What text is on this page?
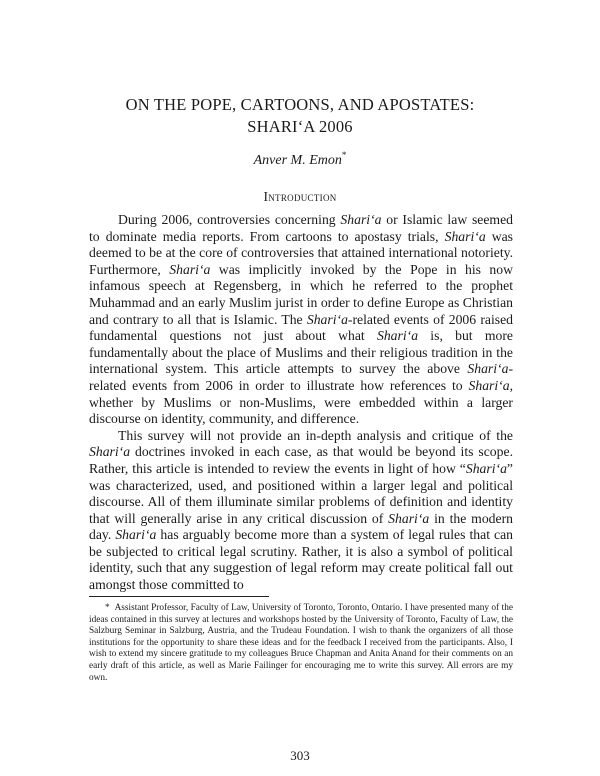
ON THE POPE, CARTOONS, AND APOSTATES:
SHARI‘A 2006
Anver M. Emon*
Introduction

During 2006, controversies concerning Shari‘a or Islamic law seemed to dominate media reports. From cartoons to apostasy trials, Shari‘a was deemed to be at the core of controversies that attained international notoriety. Furthermore, Shari‘a was implicitly invoked by the Pope in his now infamous speech at Regensberg, in which he referred to the prophet Muhammad and an early Muslim jurist in order to define Europe as Christian and contrary to all that is Islamic. The Shari‘a-related events of 2006 raised fundamental questions not just about what Shari‘a is, but more fundamentally about the place of Muslims and their religious tradition in the international system. This article attempts to survey the above Shari‘a-related events from 2006 in order to illustrate how references to Shari‘a, whether by Muslims or non-Muslims, were embedded within a larger discourse on identity, community, and difference.

This survey will not provide an in-depth analysis and critique of the Shari‘a doctrines invoked in each case, as that would be beyond its scope. Rather, this article is intended to review the events in light of how “Shari‘a” was characterized, used, and positioned within a larger legal and political discourse. All of them illuminate similar problems of definition and identity that will generally arise in any critical discussion of Shari‘a in the modern day. Shari‘a has arguably become more than a system of legal rules that can be subjected to critical legal scrutiny. Rather, it is also a symbol of political identity, such that any suggestion of legal reform may create political fall out amongst those committed to

* Assistant Professor, Faculty of Law, University of Toronto, Toronto, Ontario. I have presented many of the ideas contained in this survey at lectures and workshops hosted by the University of Toronto, Faculty of Law, the Salzburg Seminar in Salzburg, Austria, and the Trudeau Foundation. I wish to thank the organizers of all those institutions for the opportunity to share these ideas and for the feedback I received from the participants. Also, I wish to extend my sincere gratitude to my colleagues Bruce Chapman and Anita Anand for their comments on an early draft of this article, as well as Marie Failinger for encouraging me to write this survey. All errors are my own.

303
